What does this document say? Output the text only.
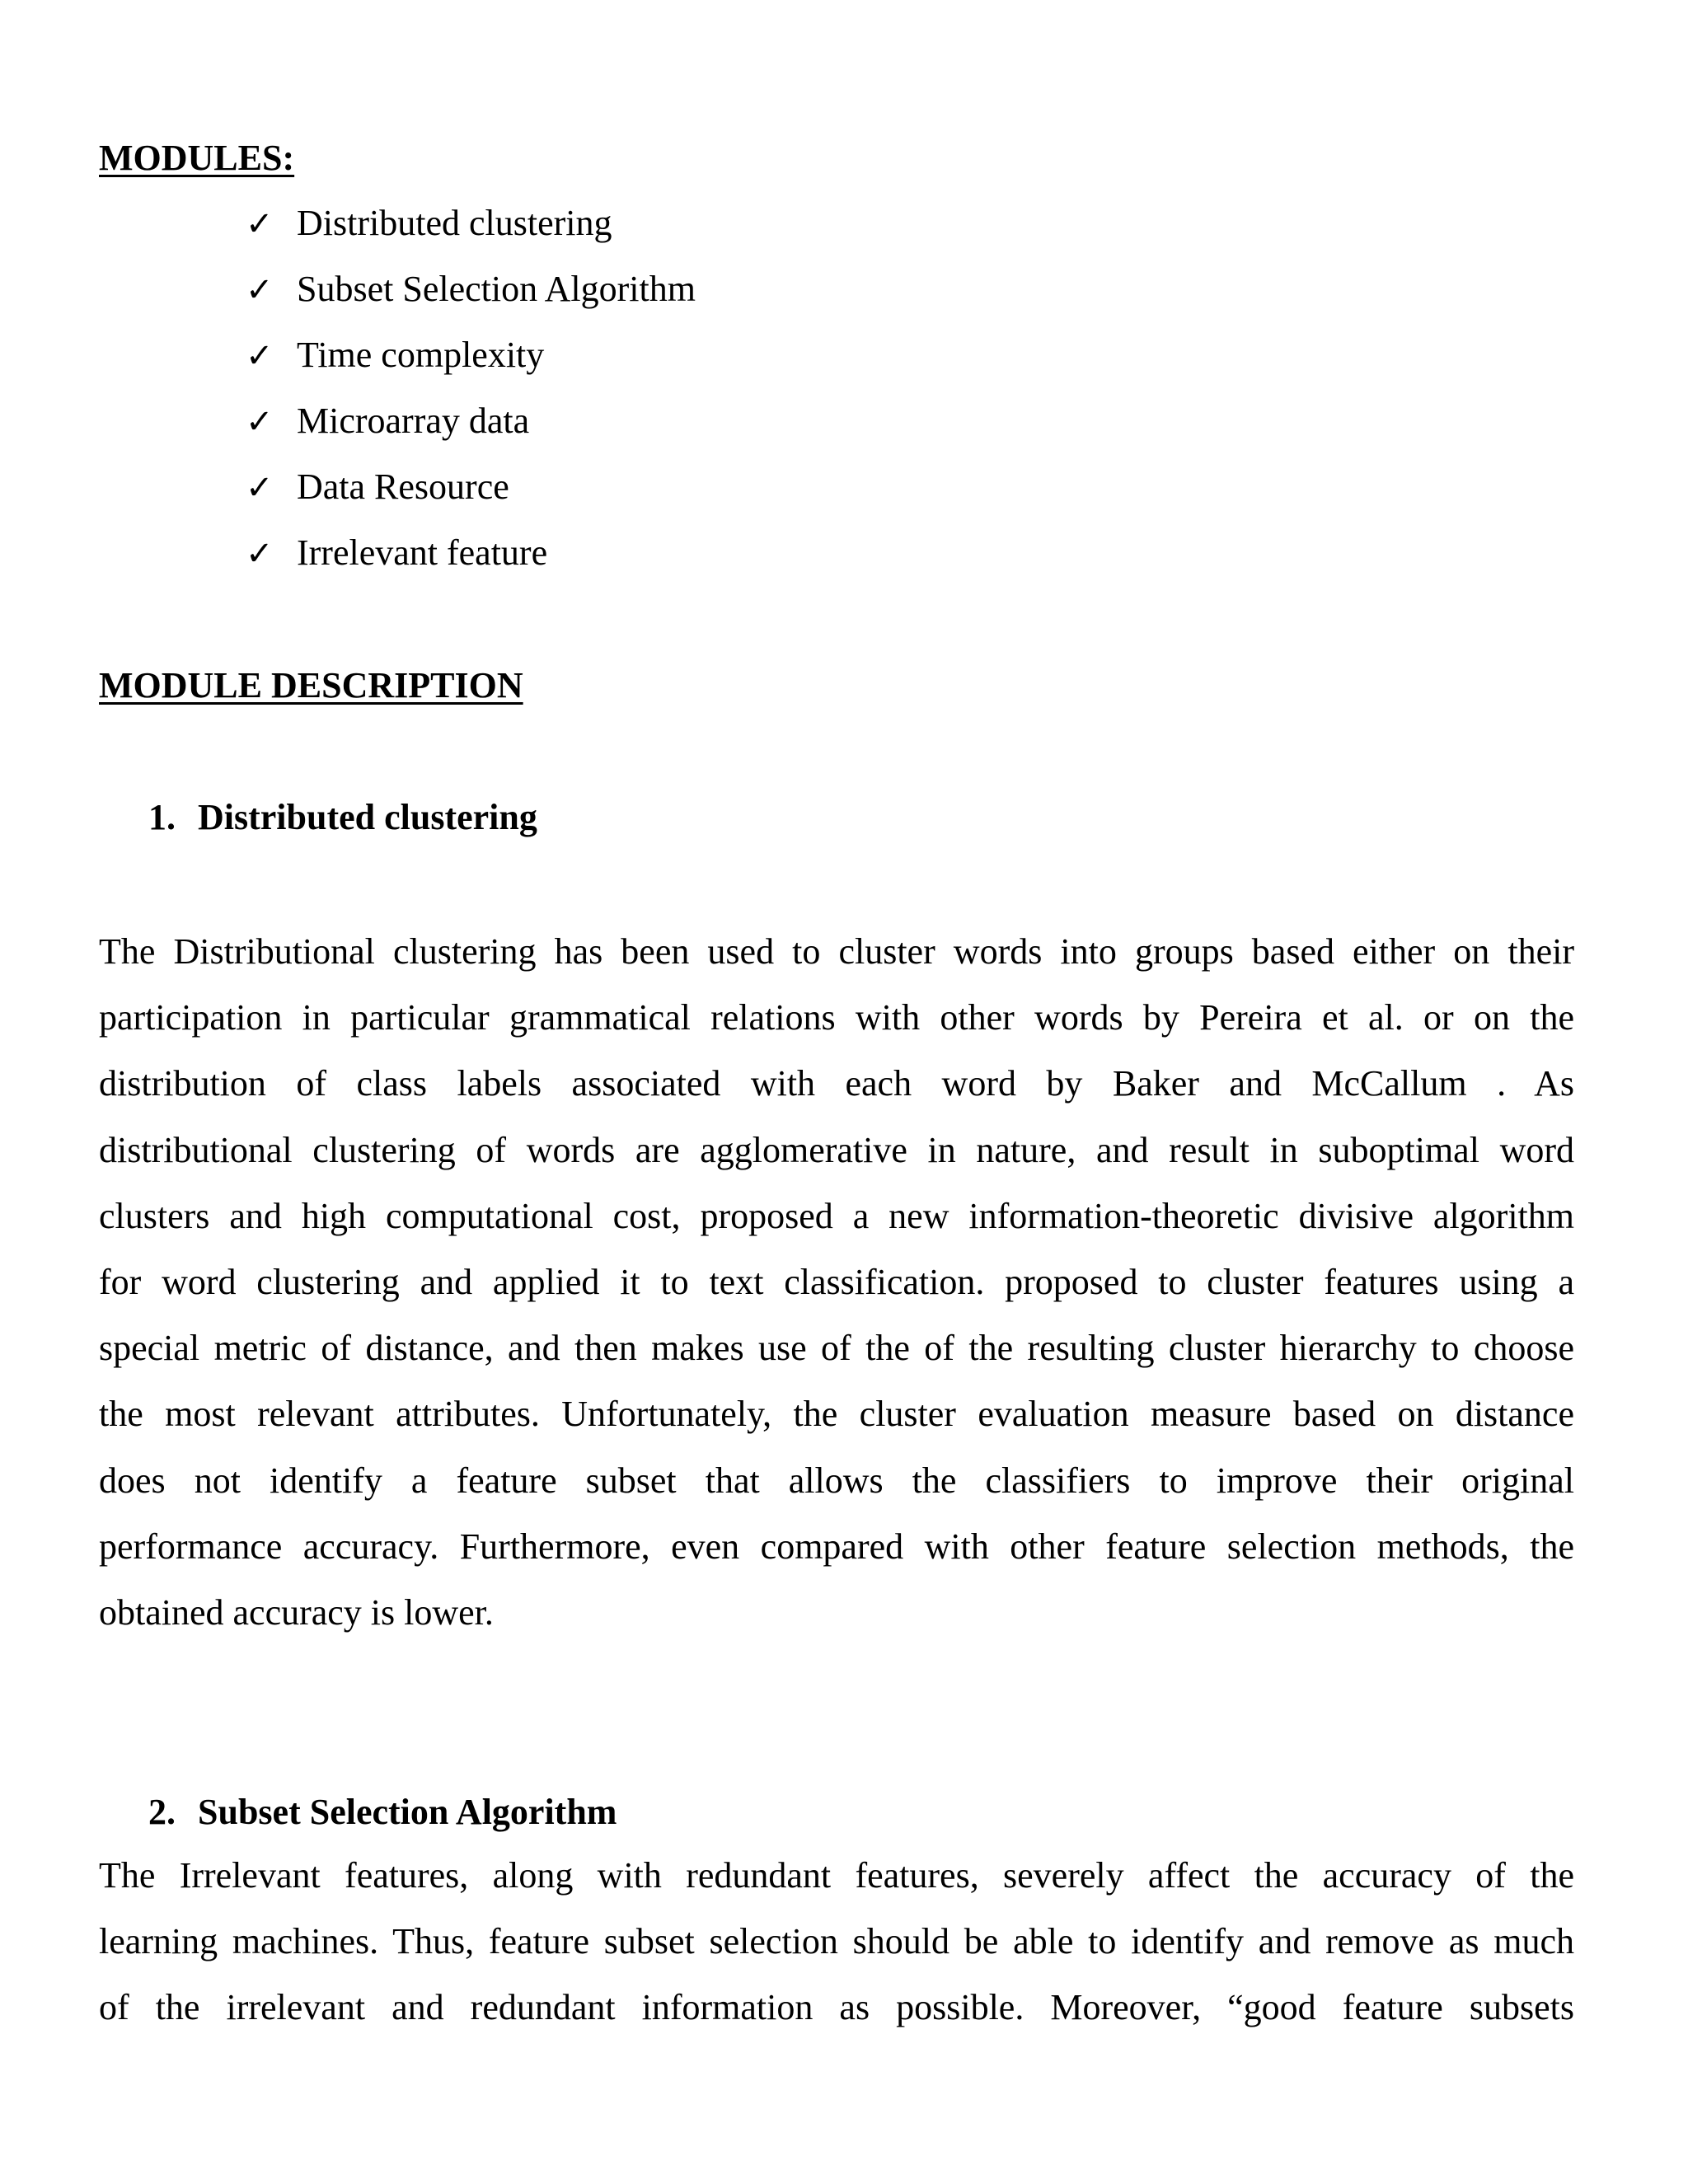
MODULES:
✓ Distributed clustering
✓ Subset Selection Algorithm
✓ Time complexity
✓ Microarray data
✓ Data Resource
✓ Irrelevant feature
MODULE DESCRIPTION
1. Distributed clustering
The Distributional clustering has been used to cluster words into groups based either on their
participation in particular grammatical relations with other words by Pereira et al. or on the
distribution of class labels associated with each word by Baker and McCallum . As
distributional clustering of words are agglomerative in nature, and result in suboptimal word
clusters and high computational cost, proposed a new information-theoretic divisive algorithm
for word clustering and applied it to text classification. proposed to cluster features using a
special metric of distance, and then makes use of the of the resulting cluster hierarchy to choose
the most relevant attributes. Unfortunately, the cluster evaluation measure based on distance
does not identify a feature subset that allows the classifiers to improve their original
performance accuracy. Furthermore, even compared with other feature selection methods, the
obtained accuracy is lower.
2. Subset Selection Algorithm
The Irrelevant features, along with redundant features, severely affect the accuracy of the
learning machines. Thus, feature subset selection should be able to identify and remove as much
of the irrelevant and redundant information as possible. Moreover, “good feature subsets
